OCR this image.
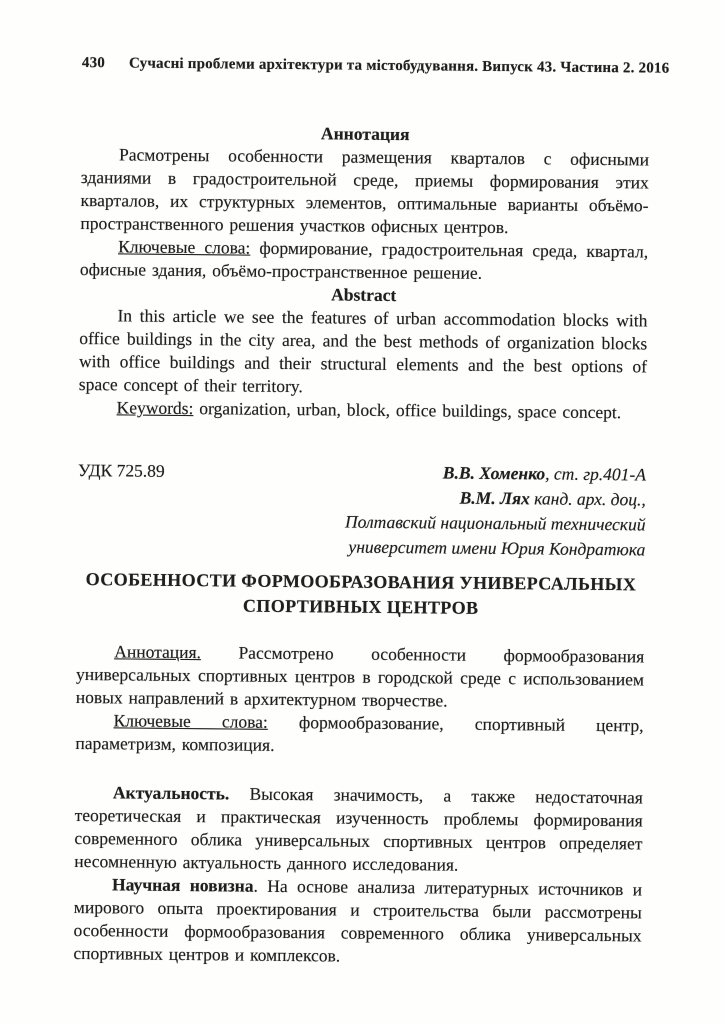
430 Сучасні проблеми архітектури та містобудування. Випуск 43. Частина 2. 2016
Аннотация

Расмотрены особенности размещения кварталов с офисными зданиями в градостроительной среде, приемы формирования этих кварталов, их структурных элементов, оптимальные варианты объёмо-пространственного решения участков офисных центров.

Ключевые слова: формирование, градостроительная среда, квартал, офисные здания, объёмо-пространственное решение.

Abstract

In this article we see the features of urban accommodation blocks with office buildings in the city area, and the best methods of organization blocks with office buildings and their structural elements and the best options of space concept of their territory.

Keywords: organization, urban, block, office buildings, space concept.

УДК 725.89	В.В. Хоменко, ст. гр.401-А
В.М. Лях канд. арх. доц.,
Полтавский национальный технический
университет имени Юрия Кондратюка
ОСОБЕННОСТИ ФОРМООБРАЗОВАНИЯ УНИВЕРСАЛЬНЫХ
СПОРТИВНЫХ ЦЕНТРОВ

Аннотация. Рассмотрено особенности формообразования универсальных спортивных центров в городской среде с использованием новых направлений в архитектурном творчестве.

Ключевые слова: формообразование, спортивный центр, параметризм, композиция.

Актуальность. Высокая значимость, а также недостаточная теоретическая и практическая изученность проблемы формирования современного облика универсальных спортивных центров определяет несомненную актуальность данного исследования.

Научная новизна. На основе анализа литературных источников и мирового опыта проектирования и строительства были рассмотрены особенности формообразования современного облика универсальных спортивных центров и комплексов.
